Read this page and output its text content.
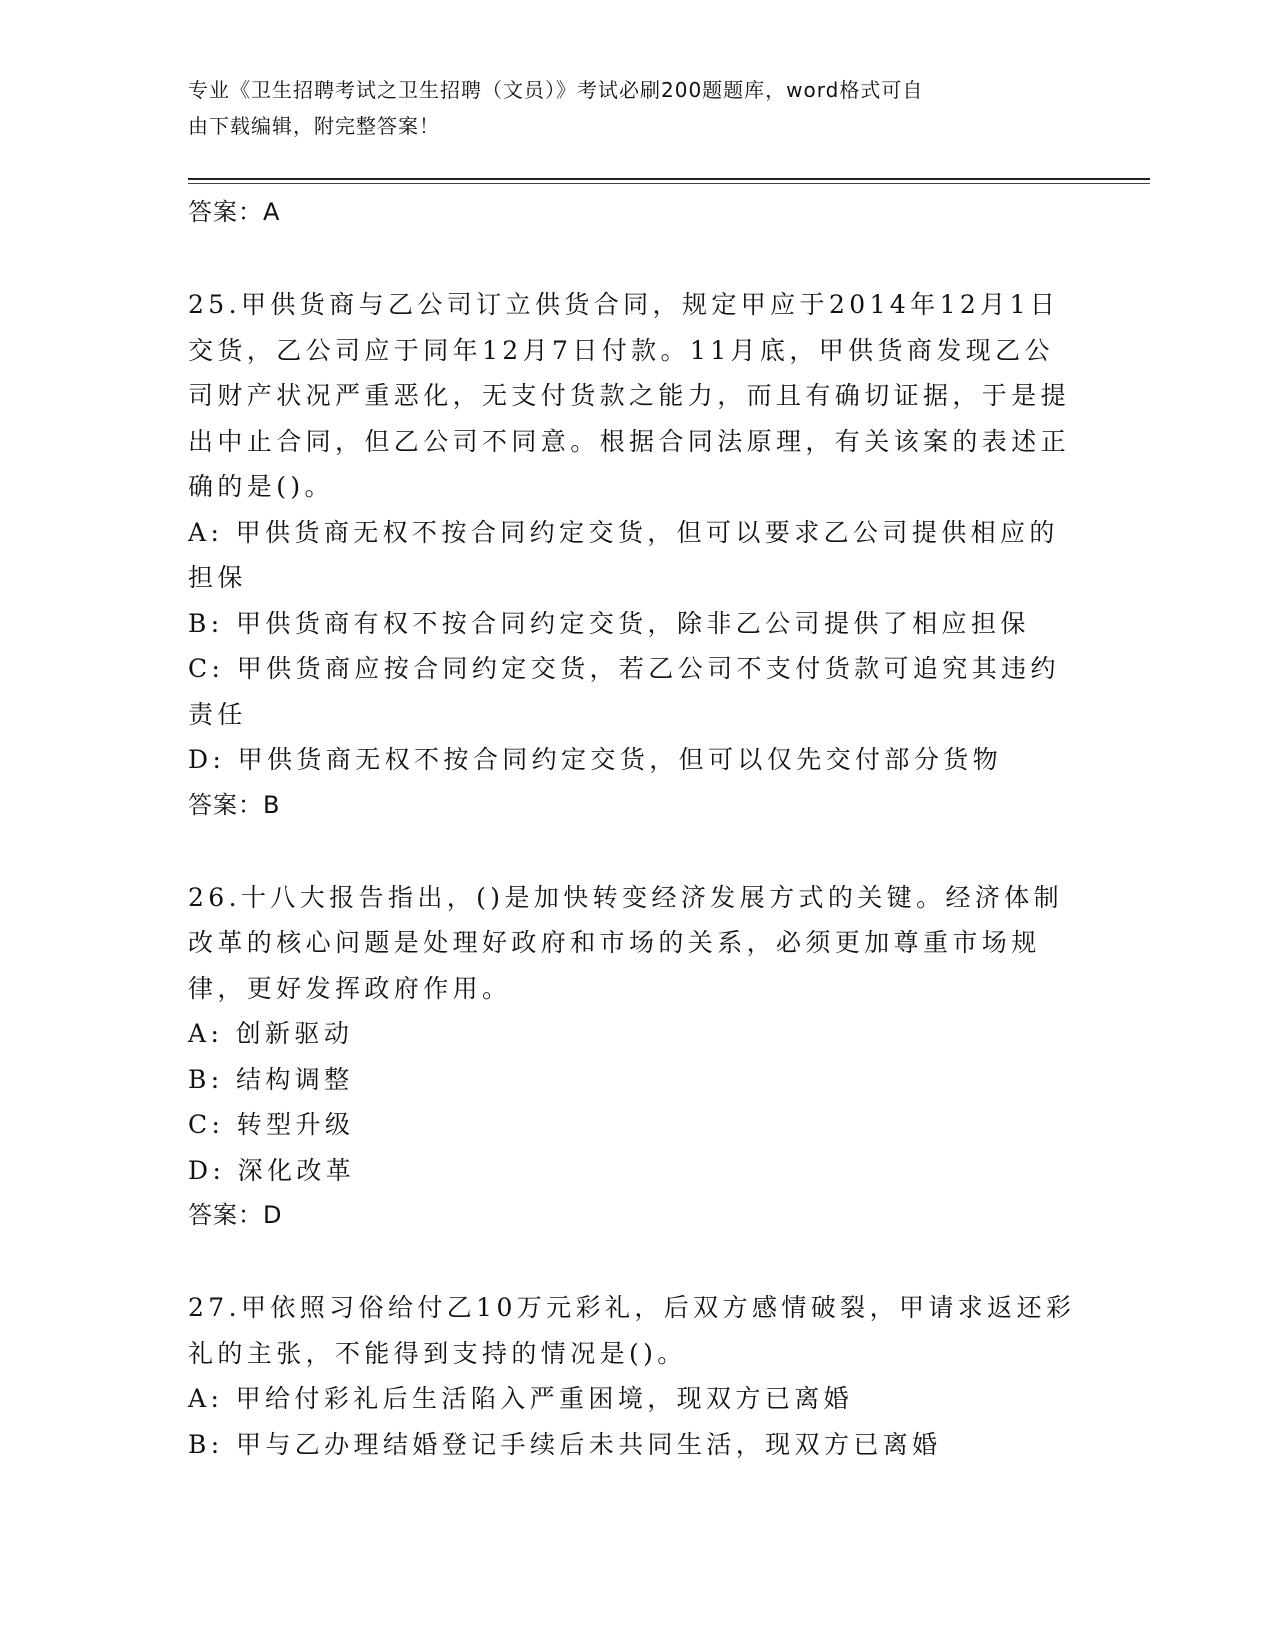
专业《卫生招聘考试之卫生招聘（文员）》考试必刷200题题库，word格式可自
由下载编辑，附完整答案！
答案：A

25.甲供货商与乙公司订立供货合同，规定甲应于2014年12月1日交货，乙公司应于同年12月7日付款。11月底，甲供货商发现乙公司财产状况严重恶化，无支付货款之能力，而且有确切证据，于是提出中止合同，但乙公司不同意。根据合同法原理，有关该案的表述正确的是()。

A: 甲供货商无权不按合同约定交货，但可以要求乙公司提供相应的担保

B: 甲供货商有权不按合同约定交货，除非乙公司提供了相应担保

C: 甲供货商应按合同约定交货，若乙公司不支付货款可追究其违约责任

D: 甲供货商无权不按合同约定交货，但可以仅先交付部分货物

答案：B

26.十八大报告指出，()是加快转变经济发展方式的关键。经济体制改革的核心问题是处理好政府和市场的关系，必须更加尊重市场规律，更好发挥政府作用。

A: 创新驱动

B: 结构调整

C: 转型升级

D: 深化改革

答案：D

27.甲依照习俗给付乙10万元彩礼，后双方感情破裂，甲请求返还彩礼的主张，不能得到支持的情况是()。

A: 甲给付彩礼后生活陷入严重困境，现双方已离婚

B: 甲与乙办理结婚登记手续后未共同生活，现双方已离婚
